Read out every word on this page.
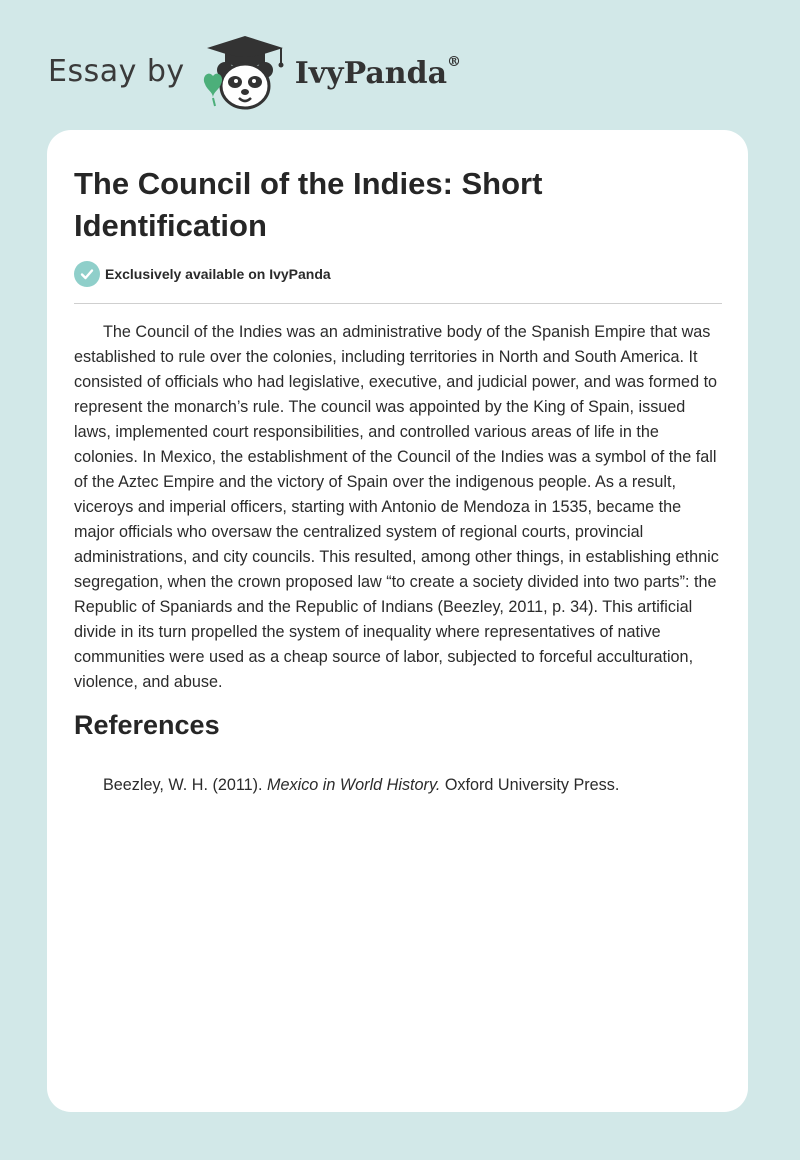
Essay by	IvyPanda®
The Council of the Indies: Short Identification
Exclusively available on IvyPanda

The Council of the Indies was an administrative body of the Spanish Empire that was established to rule over the colonies, including territories in North and South America. It consisted of officials who had legislative, executive, and judicial power, and was formed to represent the monarch’s rule. The council was appointed by the King of Spain, issued laws, implemented court responsibilities, and controlled various areas of life in the colonies. In Mexico, the establishment of the Council of the Indies was a symbol of the fall of the Aztec Empire and the victory of Spain over the indigenous people. As a result, viceroys and imperial officers, starting with Antonio de Mendoza in 1535, became the major officials who oversaw the centralized system of regional courts, provincial administrations, and city councils. This resulted, among other things, in establishing ethnic segregation, when the crown proposed law “to create a society divided into two parts”: the Republic of Spaniards and the Republic of Indians (Beezley, 2011, p. 34). This artificial divide in its turn propelled the system of inequality where representatives of native communities were used as a cheap source of labor, subjected to forceful acculturation, violence, and abuse.

References

Beezley, W. H. (2011). Mexico in World History. Oxford University Press.
